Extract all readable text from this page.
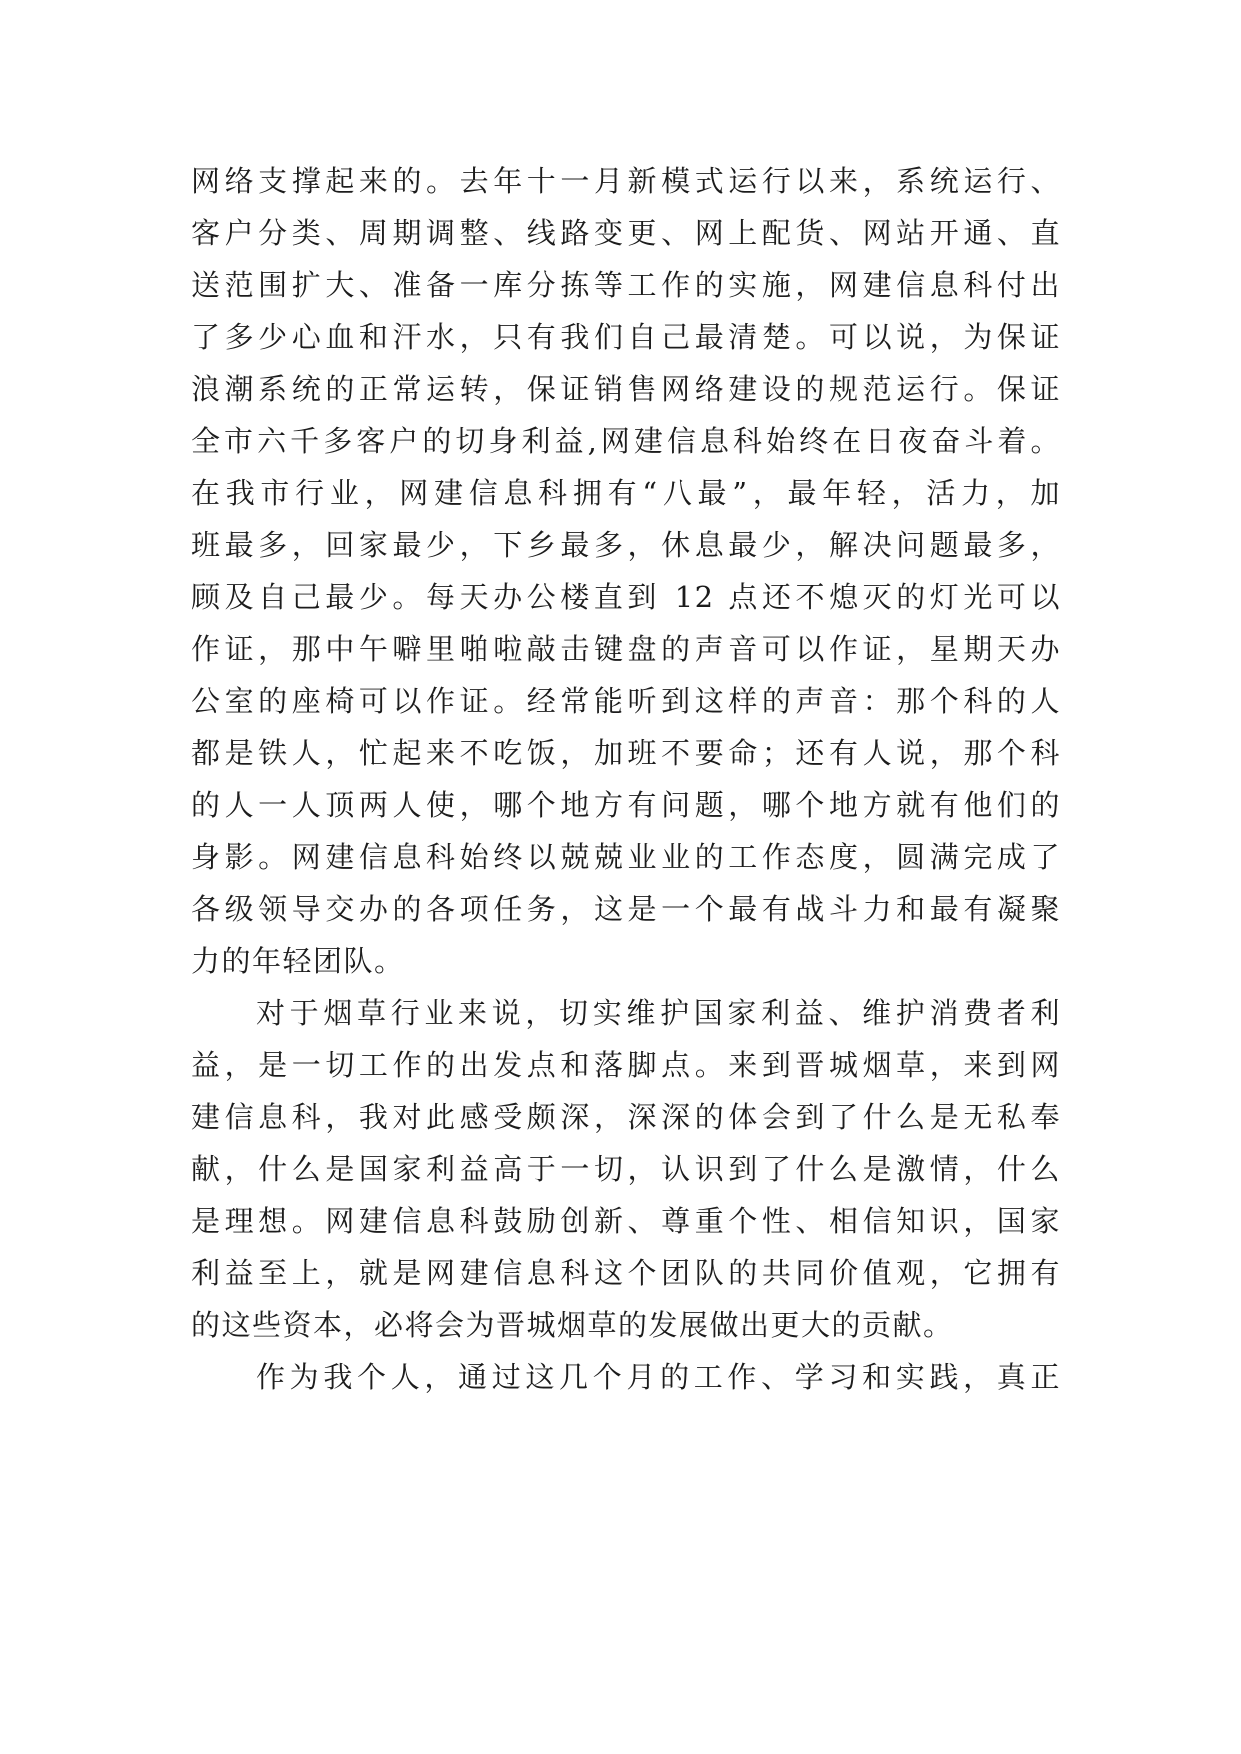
网络支撑起来的。去年十一月新模式运行以来，系统运行、
客户分类、周期调整、线路变更、网上配货、网站开通、直
送范围扩大、准备一库分拣等工作的实施，网建信息科付出
了多少心血和汗水，只有我们自己最清楚。可以说，为保证
浪潮系统的正常运转，保证销售网络建设的规范运行。保证
全市六千多客户的切身利益,网建信息科始终在日夜奋斗着。
在我市行业，网建信息科拥有“八最”，最年轻，活力，加
班最多，回家最少，下乡最多，休息最少，解决问题最多，
顾及自己最少。每天办公楼直到 12 点还不熄灭的灯光可以
作证，那中午噼里啪啦敲击键盘的声音可以作证，星期天办
公室的座椅可以作证。经常能听到这样的声音：那个科的人
都是铁人，忙起来不吃饭，加班不要命；还有人说，那个科
的人一人顶两人使，哪个地方有问题，哪个地方就有他们的
身影。网建信息科始终以兢兢业业的工作态度，圆满完成了
各级领导交办的各项任务，这是一个最有战斗力和最有凝聚
力的年轻团队。
对于烟草行业来说，切实维护国家利益、维护消费者利
益，是一切工作的出发点和落脚点。来到晋城烟草，来到网
建信息科，我对此感受颇深，深深的体会到了什么是无私奉
献，什么是国家利益高于一切，认识到了什么是激情，什么
是理想。网建信息科鼓励创新、尊重个性、相信知识，国家
利益至上，就是网建信息科这个团队的共同价值观，它拥有
的这些资本，必将会为晋城烟草的发展做出更大的贡献。
作为我个人，通过这几个月的工作、学习和实践，真正
